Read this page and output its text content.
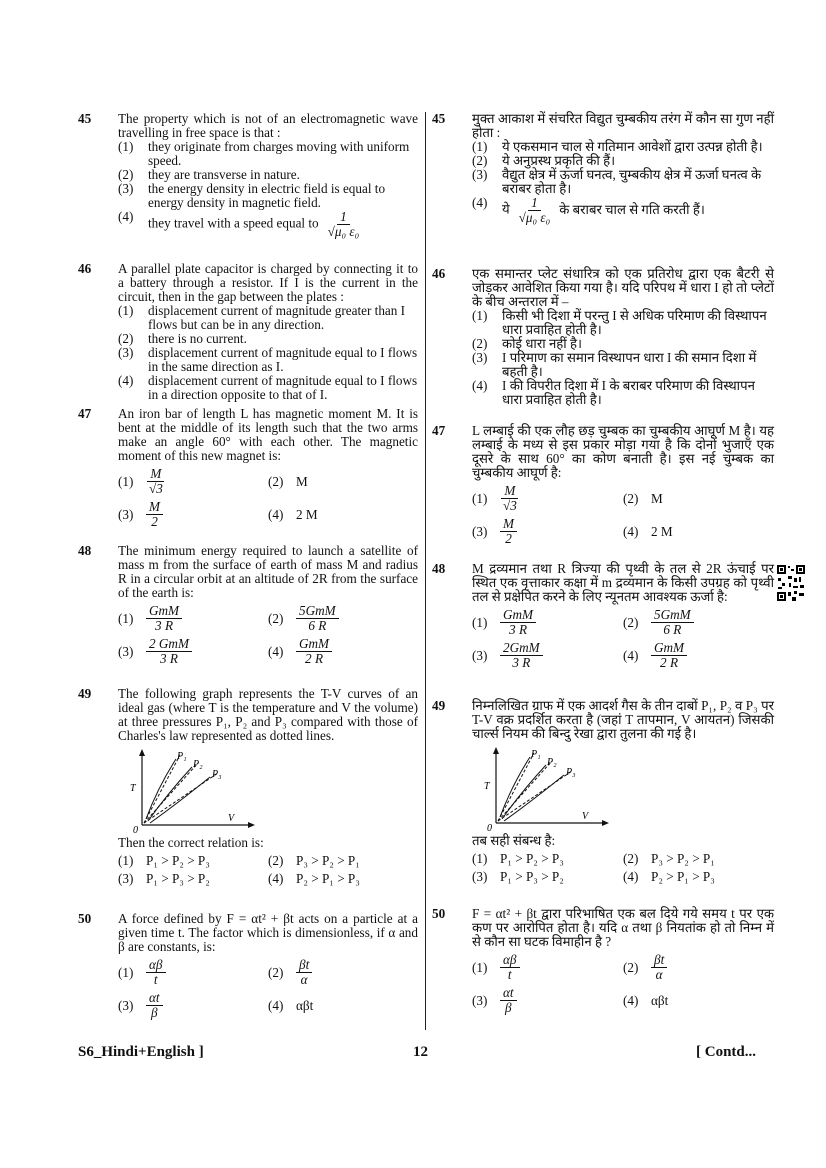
45 The property which is not of an electromagnetic wave travelling in free space is that :
(1)	they originate from charges moving with uniform speed.
(2)	they are transverse in nature.
(3)	the energy density in electric field is equal to energy density in magnetic field.
(4)	they travel with a speed equal to $\frac{1}{\text{√μ₀ ε₀}}$
46 A parallel plate capacitor is charged by connecting it to a battery through a resistor. If I is the current in the circuit, then in the gap between the plates :
(1)	displacement current of magnitude greater than I flows but can be in any direction.
(2)	there is no current.
(3)	displacement current of magnitude equal to I flows in the same direction as I.
(4)	displacement current of magnitude equal to I flows in a direction opposite to that of I.
47 An iron bar of length L has magnetic moment M. It is bent at the middle of its length such that the two arms make an angle 60° with each other. The magnetic moment of this new magnet is:
$(1) \frac{M}{√3}$	(2) M
$(3) \frac{M}{2}$	(4) 2 M
48 The minimum energy required to launch a satellite of mass m from the surface of earth of mass M and radius R in a circular orbit at an altitude of 2R from the surface of the earth is:
$(1) \frac{\text{GmM}}{3 R}$	$(2) \frac{\text{5GmM}}{6 R}$
$(3) \frac{\text{2 GmM}}{3 R}$	$(4) \frac{\text{GmM}}{2 R}$
49 The following graph represents the T-V curves of an ideal gas (where T is the temperature and V the volume) at three pressures P₁, P₂ and P₃ compared with those of Charles's law represented as dotted lines.
P₁
P₂
P₃
T
V
0
Then the correct relation is:
(1) P₁ > P₂ > P₃	(2) P₃ > P₂ > P₁
(3) P₁ > P₃ > P₂	(4) P₂ > P₁ > P₃
50 A force defined by F = αt² + βt acts on a particle at a given time t. The factor which is dimensionless, if α and β are constants, is:
$(1) \frac{\alpha\beta}{t}$	$(2) \frac{\beta t}{\alpha}$
$(3) \frac{\alpha t}{\beta}$	(4) αβt
45 मुक्त आकाश में संचरित विद्युत चुम्बकीय तरंग में कौन सा गुण नहीं होता :
(1)	ये एकसमान चाल से गतिमान आवेशों द्वारा उत्पन्न होती है।
(2)	ये अनुप्रस्थ प्रकृति की हैं।
(3)	वैद्युत क्षेत्र में ऊर्जा घनत्व, चुम्बकीय क्षेत्र में ऊर्जा घनत्व के बराबर होता है।
(4)	ये $\frac{1}{\text{√μ₀ ε₀}}$ के बराबर चाल से गति करती हैं।
46 एक समान्तर प्लेट संधारित्र को एक प्रतिरोध द्वारा एक बैटरी से जोड़कर आवेशित किया गया है। यदि परिपथ में धारा I हो तो प्लेटों के बीच अन्तराल में –
(1)	किसी भी दिशा में परन्तु I से अधिक परिमाण की विस्थापन धारा प्रवाहित होती है।
(2)	कोई धारा नहीं है।
(3)	I परिमाण का समान विस्थापन धारा I की समान दिशा में बहती है।
(4)	I की विपरीत दिशा में I के बराबर परिमाण की विस्थापन धारा प्रवाहित होती है।
47 L लम्बाई की एक लौह छड़ चुम्बक का चुम्बकीय आघूर्ण M है। यह लम्बाई के मध्य से इस प्रकार मोड़ा गया है कि दोनों भुजाएँ एक दूसरे के साथ 60° का कोण बनाती है। इस नई चुम्बक का चुम्बकीय आघूर्ण है:
$(1) \frac{M}{√3}$	(2) M
$(3) \frac{M}{2}$	(4) 2 M
48 M द्रव्यमान तथा R त्रिज्या की पृथ्वी के तल से 2R ऊंचाई पर स्थित एक वृत्ताकार कक्षा में m द्रव्यमान के किसी उपग्रह को पृथ्वी तल से प्रक्षेपित करने के लिए न्यूनतम आवश्यक ऊर्जा है:
$(1) \frac{\text{GmM}}{3 R}$	$(2) \frac{\text{5GmM}}{6 R}$
$(3) \frac{\text{2GmM}}{3 R}$	$(4) \frac{\text{GmM}}{2 R}$
49 निम्नलिखित ग्राफ में एक आदर्श गैस के तीन दाबों P₁, P₂ व P₃ पर T-V वक्र प्रदर्शित करता है (जहां T तापमान, V आयतन) जिसकी चार्ल्स नियम की बिन्दु रेखा द्वारा तुलना की गई है।
P₁
P₂
P₃
T
V
0
तब सही संबन्ध है:
(1) P₁ > P₂ > P₃	(2) P₃ > P₂ > P₁
(3) P₁ > P₃ > P₂	(4) P₂ > P₁ > P₃
50 F = αt² + βt द्वारा परिभाषित एक बल दिये गये समय t पर एक कण पर आरोपित होता है। यदि α तथा β नियतांक हो तो निम्न में से कौन सा घटक विमाहीन है ?
$(1) \frac{\alpha\beta}{t}$	$(2) \frac{\beta t}{\alpha}$
$(3) \frac{\alpha t}{\beta}$	(4) αβt
S6_Hindi+English ]	12	[ Contd...
